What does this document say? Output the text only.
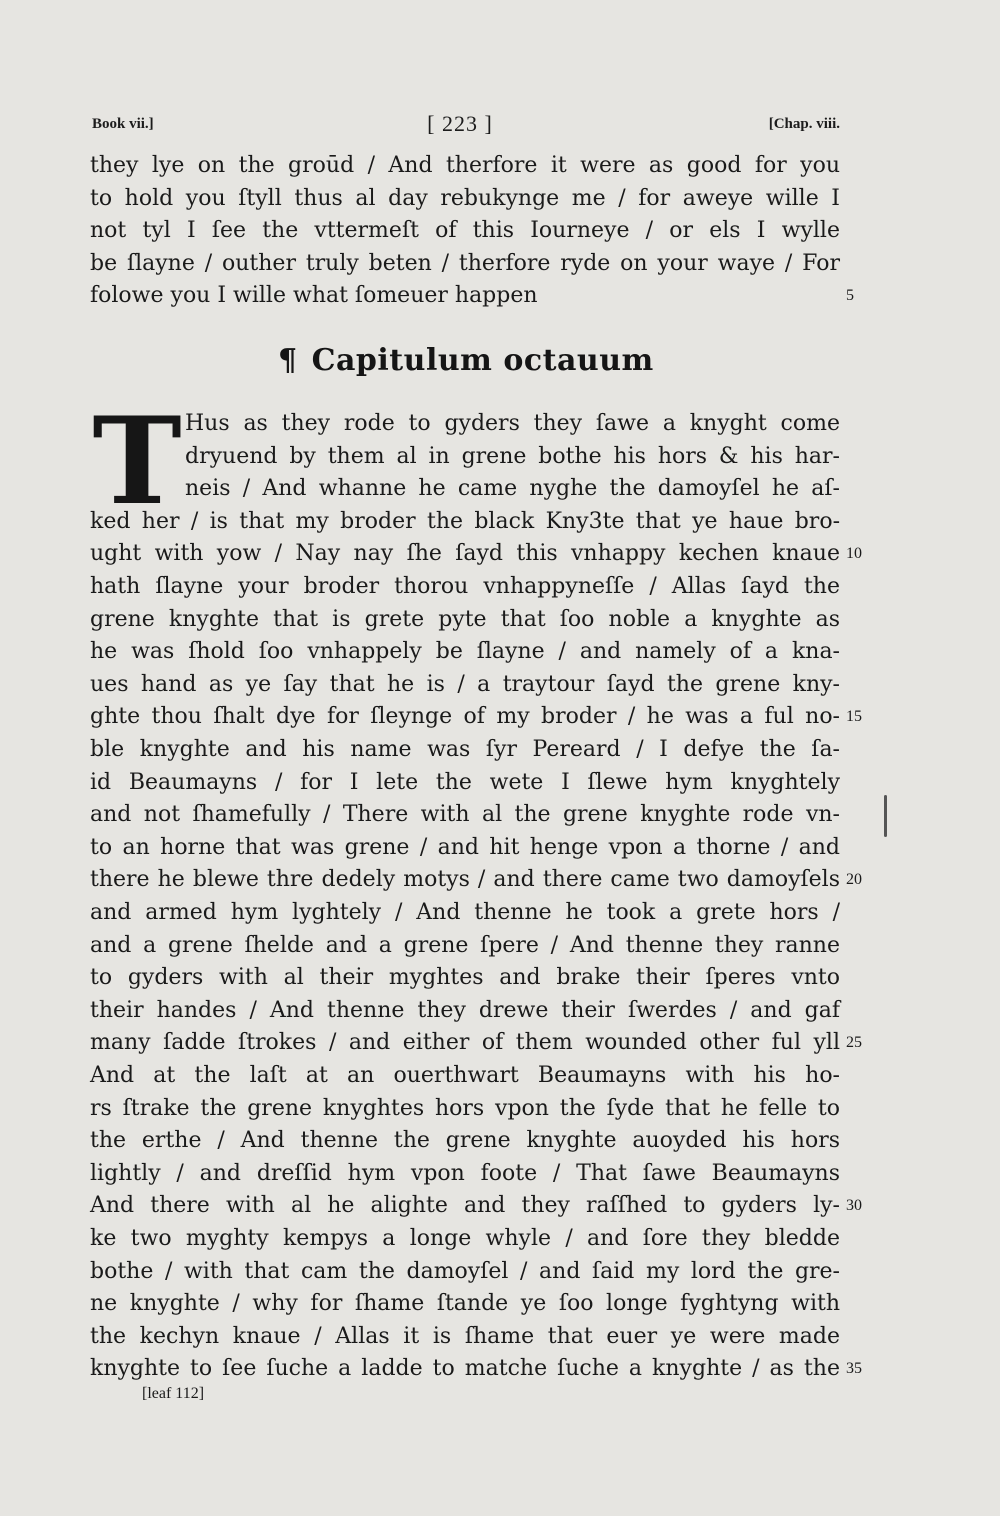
Book vii.]	[ 223 ]	[Chap. viii.
they lye on the groūd / And therfore it were as good for you
to hold you ſtyll thus al day rebukynge me / for aweye wille I
not tyl I ſee the vttermeſt of this Iourneye / or els I wylle
be ſlayne / outher truly beten / therfore ryde on your waye / For
folowe you I wille what ſomeuer happen	5
¶ Capitulum octauum
T Hus as they rode to gyders they ſawe a knyght come
dryuend by them al in grene bothe his hors & his har-
neis / And whanne he came nyghe the damoyſel he aſ-
ked her / is that my broder the black Kny3te that ye haue bro-
ught with yow / Nay nay ſhe ſayd this vnhappy kechen knaue
hath ſlayne your broder thorou vnhappyneſſe / Allas ſayd the
grene knyghte that is grete pyte that ſoo noble a knyghte as
he was ſhold ſoo vnhappely be ſlayne / and namely of a kna-
ues hand as ye ſay that he is / a traytour ſayd the grene kny-
ghte thou ſhalt dye for ſleynge of my broder / he was a ful no-
ble knyghte and his name was ſyr Pereard / I defye the ſa-
id Beaumayns / for I lete the wete I ſlewe hym knyghtely
and not ſhamefully / There with al the grene knyghte rode vn-
to an horne that was grene / and hit henge vpon a thorne / and
there he blewe thre dedely motys / and there came two damoyſels
and armed hym lyghtely / And thenne he took a grete hors /
and a grene ſhelde and a grene ſpere / And thenne they ranne
to gyders with al their myghtes and brake their ſperes vnto
their handes / And thenne they drewe their ſwerdes / and gaf
many ſadde ſtrokes / and either of them wounded other ful yll
And at the laſt at an ouerthwart Beaumayns with his ho-
rs ſtrake the grene knyghtes hors vpon the ſyde that he felle to
the erthe / And thenne the grene knyghte auoyded his hors
lightly / and dreſſid hym vpon foote / That ſawe Beaumayns
And there with al he alighte and they raſſhed to gyders ly-
ke two myghty kempys a longe whyle / and ſore they bledde
bothe / with that cam the damoyſel / and ſaid my lord the gre-
ne knyghte / why for ſhame ſtande ye ſoo longe fyghtyng with
the kechyn knaue / Allas it is ſhame that euer ye were made
knyghte to ſee ſuche a ladde to matche ſuche a knyghte / as the
10
15
20
25
30
35
[leaf 112]
